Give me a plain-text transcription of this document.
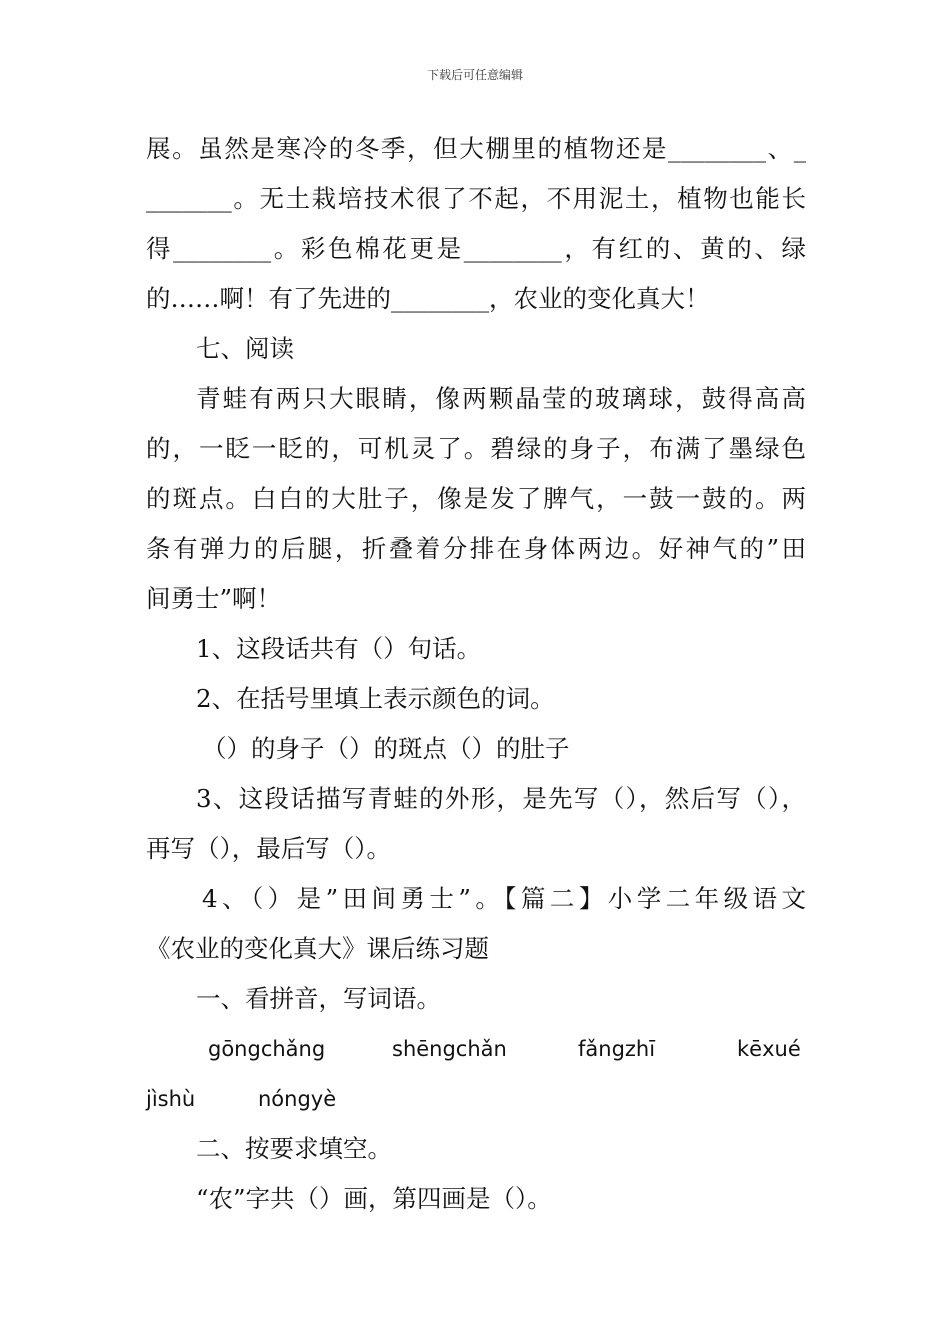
下载后可任意编辑
展。虽然是寒冷的冬季，但大棚里的植物还是________、_
_______。无土栽培技术很了不起，不用泥土，植物也能长
得________。彩色棉花更是________，有红的、黄的、绿
的……啊！有了先进的________，农业的变化真大！
七、阅读
青蛙有两只大眼睛，像两颗晶莹的玻璃球，鼓得高高
的，一眨一眨的，可机灵了。碧绿的身子，布满了墨绿色
的斑点。白白的大肚子，像是发了脾气，一鼓一鼓的。两
条有弹力的后腿，折叠着分排在身体两边。好神气的”田
间勇士”啊！
1、这段话共有（）句话。
2、在括号里填上表示颜色的词。
（）的身子（）的斑点（）的肚子
3、这段话描写青蛙的外形，是先写（），然后写（），
再写（），最后写（）。
4、（）是”田间勇士”。【篇二】小学二年级语文
《农业的变化真大》课后练习题
一、看拼音，写词语。
gōngchǎng	shēngchǎn	fǎngzhī	kēxué
jìshù	nóngyè
二、按要求填空。
“农”字共（）画，第四画是（）。
